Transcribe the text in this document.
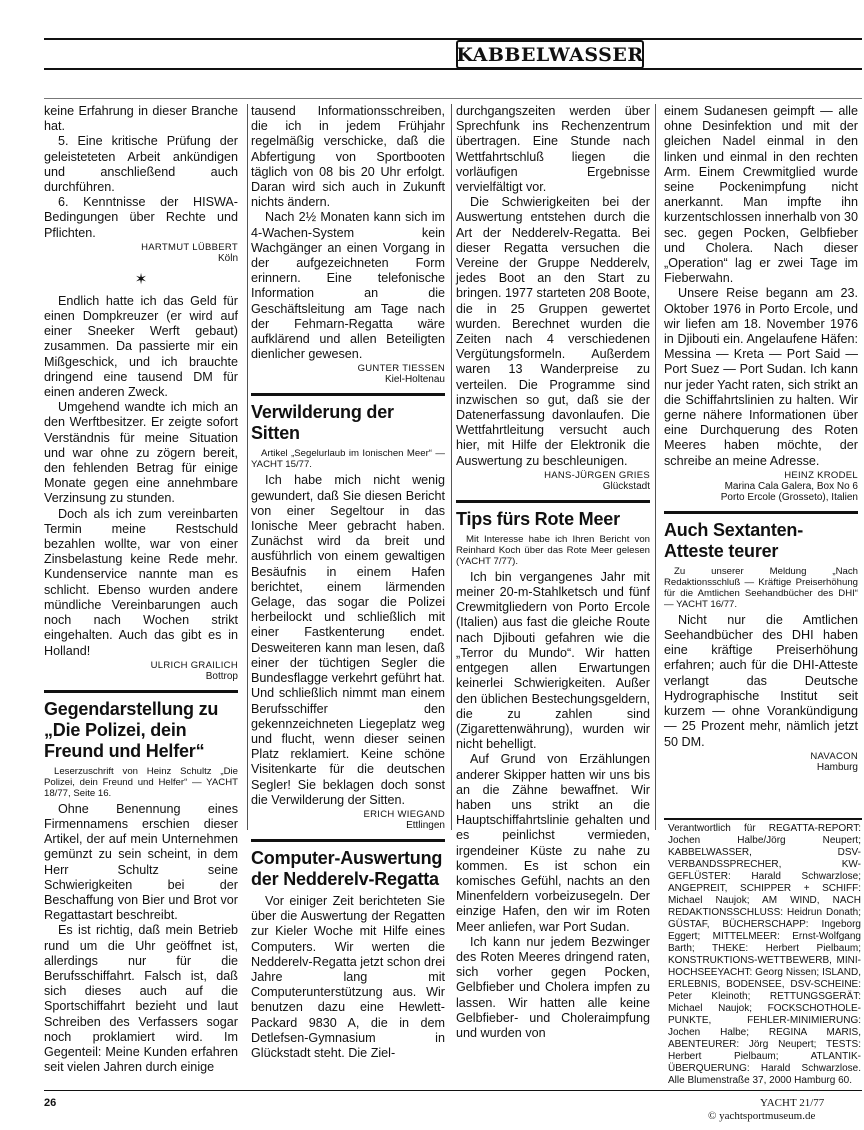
KABBELWASSER

keine Erfahrung in dieser Branche hat.

5. Eine kritische Prüfung der geleisteteten Arbeit ankündigen und anschließend auch durchführen.

6. Kenntnisse der HISWA-Bedingungen über Rechte und Pflichten.

HARTMUT LÜBBERT
Köln
✶

Endlich hatte ich das Geld für einen Dompkreuzer (er wird auf einer Sneeker Werft gebaut) zusammen. Da passierte mir ein Mißgeschick, und ich brauchte dringend eine tausend DM für einen anderen Zweck.

Umgehend wandte ich mich an den Werftbesitzer. Er zeigte sofort Verständnis für meine Situation und war ohne zu zögern bereit, den fehlenden Betrag für einige Monate gegen eine annehmbare Verzinsung zu stunden.

Doch als ich zum vereinbarten Termin meine Restschuld bezahlen wollte, war von einer Zinsbelastung keine Rede mehr. Kundenservice nannte man es schlicht. Ebenso wurden andere mündliche Vereinbarungen auch noch nach Wochen strikt eingehalten. Auch das gibt es in Holland!

ULRICH GRAILICH
Bottrop
Gegendarstellung zu „Die Polizei, dein Freund und Helfer“
Leserzuschrift von Heinz Schultz „Die Polizei, dein Freund und Helfer“ — YACHT 18/77, Seite 16.

Ohne Benennung eines Firmennamens erschien dieser Artikel, der auf mein Unternehmen gemünzt zu sein scheint, in dem Herr Schultz seine Schwierigkeiten bei der Beschaffung von Bier und Brot vor Regattastart beschreibt.

Es ist richtig, daß mein Betrieb rund um die Uhr geöffnet ist, allerdings nur für die Berufsschiffahrt. Falsch ist, daß sich dieses auch auf die Sportschiffahrt bezieht und laut Schreiben des Verfassers sogar noch proklamiert wird. Im Gegenteil: Meine Kunden erfahren seit vielen Jahren durch einige

tausend Informationsschreiben, die ich in jedem Frühjahr regelmäßig verschicke, daß die Abfertigung von Sportbooten täglich von 08 bis 20 Uhr erfolgt. Daran wird sich auch in Zukunft nichts ändern.

Nach 2½ Monaten kann sich im 4-Wachen-System kein Wachgänger an einen Vorgang in der aufgezeichneten Form erinnern. Eine telefonische Information an die Geschäftsleitung am Tage nach der Fehmarn-Regatta wäre aufklärend und allen Beteiligten dienlicher gewesen.

GUNTER TIESSEN
Kiel-Holtenau
Verwilderung der Sitten
Artikel „Segelurlaub im Ionischen Meer“ — YACHT 15/77.

Ich habe mich nicht wenig gewundert, daß Sie diesen Bericht von einer Segeltour in das Ionische Meer gebracht haben. Zunächst wird da breit und ausführlich von einem gewaltigen Besäufnis in einem Hafen berichtet, einem lärmenden Gelage, das sogar die Polizei herbeilockt und schließlich mit einer Fastkenterung endet. Desweiteren kann man lesen, daß einer der tüchtigen Segler die Bundesflagge verkehrt geführt hat. Und schließlich nimmt man einem Berufsschiffer den gekennzeichneten Liegeplatz weg und flucht, wenn dieser seinen Platz reklamiert. Keine schöne Visitenkarte für die deutschen Segler! Sie beklagen doch sonst die Verwilderung der Sitten.

ERICH WIEGAND
Ettlingen
Computer-Auswertung der Nedderelv-Regatta

Vor einiger Zeit berichteten Sie über die Auswertung der Regatten zur Kieler Woche mit Hilfe eines Computers. Wir werten die Nedderelv-Regatta jetzt schon drei Jahre lang mit Computerunterstützung aus. Wir benutzen dazu eine Hewlett-Packard 9830 A, die in dem Detlefsen-Gymnasium in Glückstadt steht. Die Ziel-

durchgangszeiten werden über Sprechfunk ins Rechenzentrum übertragen. Eine Stunde nach Wettfahrtschluß liegen die vorläufigen Ergebnisse vervielfältigt vor.

Die Schwierigkeiten bei der Auswertung entstehen durch die Art der Nedderelv-Regatta. Bei dieser Regatta versuchen die Vereine der Gruppe Nedderelv, jedes Boot an den Start zu bringen. 1977 starteten 208 Boote, die in 25 Gruppen gewertet wurden. Berechnet wurden die Zeiten nach 4 verschiedenen Vergütungsformeln. Außerdem waren 13 Wanderpreise zu verteilen. Die Programme sind inzwischen so gut, daß sie der Datenerfassung davonlaufen. Die Wettfahrtleitung versucht auch hier, mit Hilfe der Elektronik die Auswertung zu beschleunigen.

HANS-JÜRGEN GRIES
Glückstadt
Tips fürs Rote Meer
Mit Interesse habe ich Ihren Bericht von Reinhard Koch über das Rote Meer gelesen (YACHT 7/77).

Ich bin vergangenes Jahr mit meiner 20-m-Stahlketsch und fünf Crewmitgliedern von Porto Ercole (Italien) aus fast die gleiche Route nach Djibouti gefahren wie die „Terror du Mundo“. Wir hatten entgegen allen Erwartungen keinerlei Schwierigkeiten. Außer den üblichen Bestechungsgeldern, die zu zahlen sind (Zigarettenwährung), wurden wir nicht behelligt.

Auf Grund von Erzählungen anderer Skipper hatten wir uns bis an die Zähne bewaffnet. Wir haben uns strikt an die Hauptschiffahrtslinie gehalten und es peinlichst vermieden, irgendeiner Küste zu nahe zu kommen. Es ist schon ein komisches Gefühl, nachts an den Minenfeldern vorbeizusegeln. Der einzige Hafen, den wir im Roten Meer anliefen, war Port Sudan.

Ich kann nur jedem Bezwinger des Roten Meeres dringend raten, sich vorher gegen Pocken, Gelbfieber und Cholera impfen zu lassen. Wir hatten alle keine Gelbfieber- und Choleraimpfung und wurden von

einem Sudanesen geimpft — alle ohne Desinfektion und mit der gleichen Nadel einmal in den linken und einmal in den rechten Arm. Einem Crewmitglied wurde seine Pockenimpfung nicht anerkannt. Man impfte ihn kurzentschlossen innerhalb von 30 sec. gegen Pocken, Gelbfieber und Cholera. Nach dieser „Operation“ lag er zwei Tage im Fieberwahn.

Unsere Reise begann am 23. Oktober 1976 in Porto Ercole, und wir liefen am 18. November 1976 in Djibouti ein. Angelaufene Häfen: Messina — Kreta — Port Said — Port Suez — Port Sudan. Ich kann nur jeder Yacht raten, sich strikt an die Schiffahrtslinien zu halten. Wir gerne nähere Informationen über eine Durchquerung des Roten Meeres haben möchte, der schreibe an meine Adresse.

HEINZ KRODEL
Marina Cala Galera, Box No 6
Porto Ercole (Grosseto), Italien
Auch Sextanten-Atteste teurer
Zu unserer Meldung „Nach Redaktionsschluß — Kräftige Preiserhöhung für die Amtlichen Seehandbücher des DHI“ — YACHT 16/77.

Nicht nur die Amtlichen Seehandbücher des DHI haben eine kräftige Preiserhöhung erfahren; auch für die DHI-Atteste verlangt das Deutsche Hydrographische Institut seit kurzem — ohne Vorankündigung — 25 Prozent mehr, nämlich jetzt 50 DM.

NAVACON
Hamburg
Verantwortlich für REGATTA-REPORT: Jochen Halbe/Jörg Neupert; KABBELWASSER, DSV-VERBANDSSPRECHER, KW-GEFLÜSTER: Harald Schwarzlose; ANGEPREIT, SCHIPPER + SCHIFF: Michael Naujok; AM WIND, NACH REDAKTIONSSCHLUSS: Heidrun Donath; GÜSTAF, BÜCHERSCHAPP: Ingeborg Eggert; MITTELMEER: Ernst-Wolfgang Barth; THEKE: Herbert Pielbaum; KONSTRUKTIONS-WETTBEWERB, MINI-HOCHSEEYACHT: Georg Nissen; ISLAND, ERLEBNIS, BODENSEE, DSV-SCHEINE: Peter Kleinoth; RETTUNGSGERÄT: Michael Naujok; FOCKSCHOTHOLE-PUNKTE, FEHLER-MINIMIERUNG: Jochen Halbe; REGINA MARIS, ABENTEURER: Jörg Neupert; TESTS: Herbert Pielbaum; ATLANTIK-ÜBERQUERUNG: Harald Schwarzlose. Alle Blumenstraße 37, 2000 Hamburg 60.
26	YACHT 21/77
© yachtsportmuseum.de
